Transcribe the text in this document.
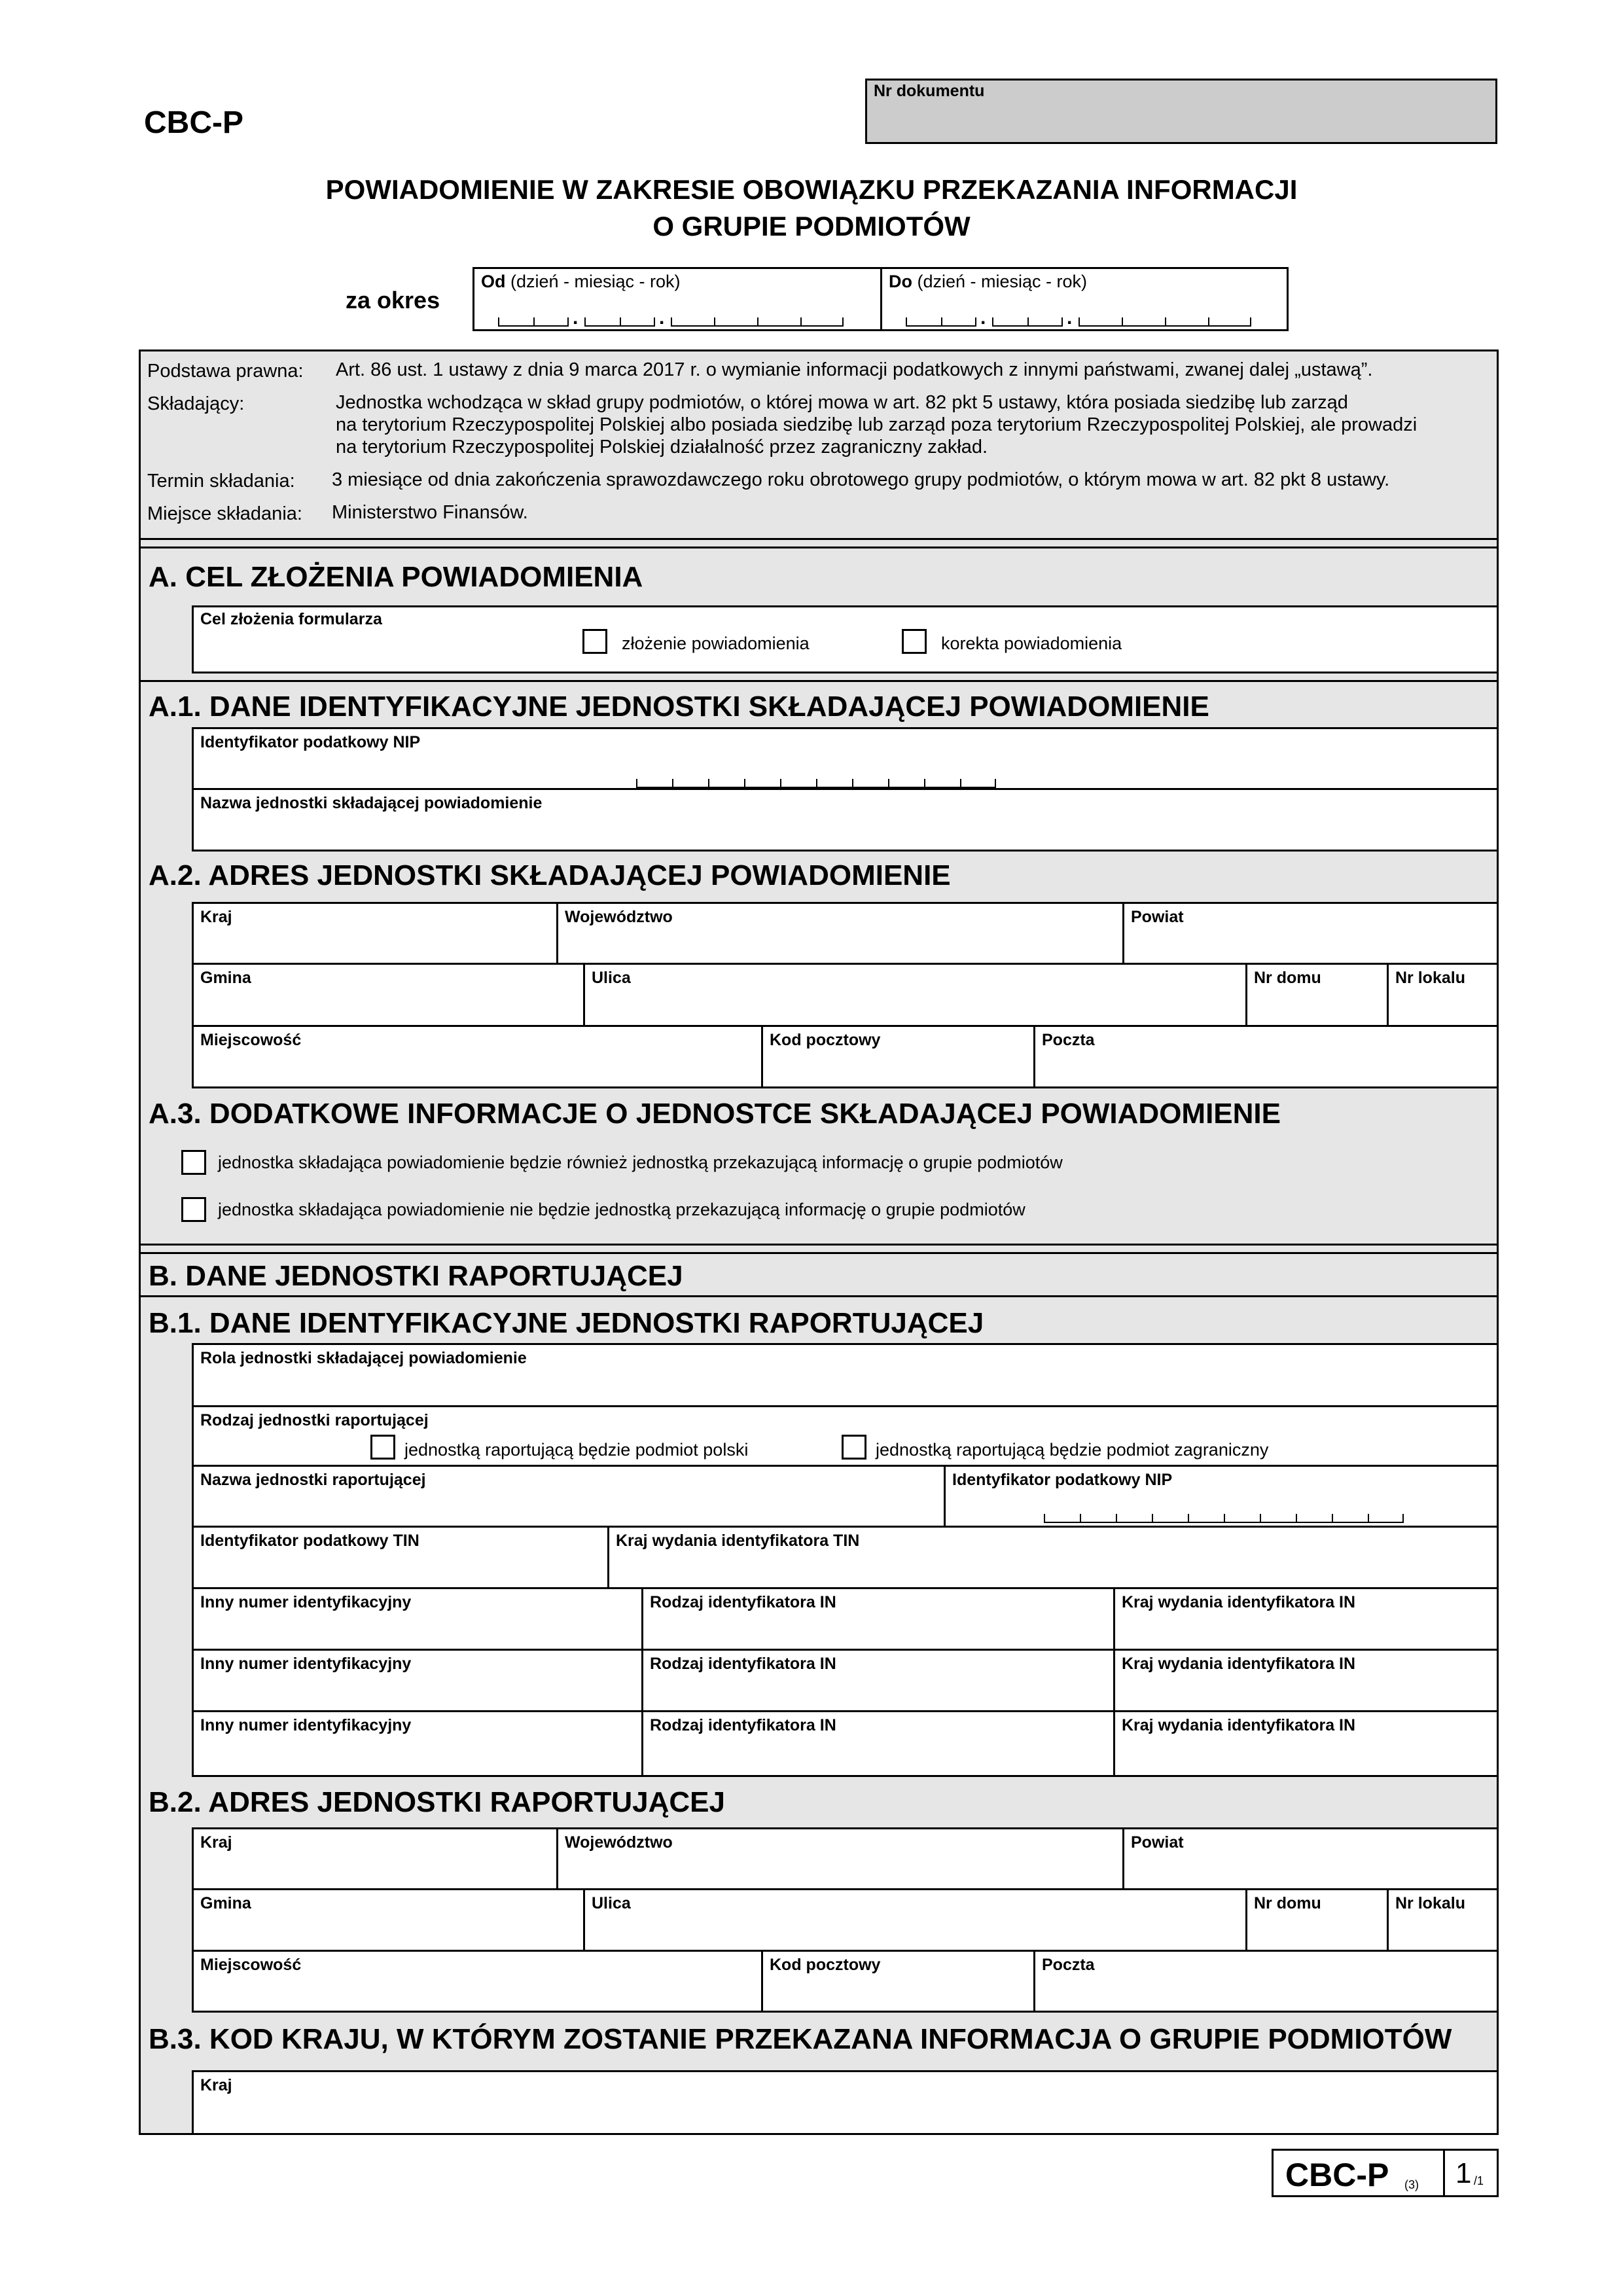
CBC-P
Nr dokumentu
POWIADOMIENIE W ZAKRESIE OBOWIĄZKU PRZEKAZANIA INFORMACJI
O GRUPIE PODMIOTÓW
za okres
Od (dzień - miesiąc - rok)
.	.
Do (dzień - miesiąc - rok)
.	.
Podstawa prawna: Art. 86 ust. 1 ustawy z dnia 9 marca 2017 r. o wymianie informacji podatkowych z innymi państwami, zwanej dalej „ustawą”.
Składający:	Jednostka wchodząca w skład grupy podmiotów, o której mowa w art. 82 pkt 5 ustawy, która posiada siedzibę lub zarząd
na terytorium Rzeczypospolitej Polskiej albo posiada siedzibę lub zarząd poza terytorium Rzeczypospolitej Polskiej, ale prowadzi
na terytorium Rzeczypospolitej Polskiej działalność przez zagraniczny zakład.
Termin składania: 3 miesiące od dnia zakończenia sprawozdawczego roku obrotowego grupy podmiotów, o którym mowa w art. 82 pkt 8 ustawy.
Miejsce składania: Ministerstwo Finansów.
A. CEL ZŁOŻENIA POWIADOMIENIA
Cel złożenia formularza
złożenie powiadomienia	korekta powiadomienia
A.1. DANE IDENTYFIKACYJNE JEDNOSTKI SKŁADAJĄCEJ POWIADOMIENIE
Identyfikator podatkowy NIP
Nazwa jednostki składającej powiadomienie
A.2. ADRES JEDNOSTKI SKŁADAJĄCEJ POWIADOMIENIE
Kraj	Województwo	Powiat
Gmina	Ulica	Nr domu	Nr lokalu
Miejscowość	Kod pocztowy	Poczta
A.3. DODATKOWE INFORMACJE O JEDNOSTCE SKŁADAJĄCEJ POWIADOMIENIE
jednostka składająca powiadomienie będzie również jednostką przekazującą informację o grupie podmiotów
jednostka składająca powiadomienie nie będzie jednostką przekazującą informację o grupie podmiotów
B. DANE JEDNOSTKI RAPORTUJĄCEJ
B.1. DANE IDENTYFIKACYJNE JEDNOSTKI RAPORTUJĄCEJ
Rola jednostki składającej powiadomienie
Rodzaj jednostki raportującej
jednostką raportującą będzie podmiot polski	jednostką raportującą będzie podmiot zagraniczny
Nazwa jednostki raportującej	Identyfikator podatkowy NIP
Identyfikator podatkowy TIN	Kraj wydania identyfikatora TIN
Inny numer identyfikacyjny	Rodzaj identyfikatora IN	Kraj wydania identyfikatora IN
Inny numer identyfikacyjny	Rodzaj identyfikatora IN	Kraj wydania identyfikatora IN
Inny numer identyfikacyjny	Rodzaj identyfikatora IN	Kraj wydania identyfikatora IN
B.2. ADRES JEDNOSTKI RAPORTUJĄCEJ
Kraj	Województwo	Powiat
Gmina	Ulica	Nr domu	Nr lokalu
Miejscowość	Kod pocztowy	Poczta
B.3. KOD KRAJU, W KTÓRYM ZOSTANIE PRZEKAZANA INFORMACJA O GRUPIE PODMIOTÓW
Kraj
CBC-P (3) 1 /1
